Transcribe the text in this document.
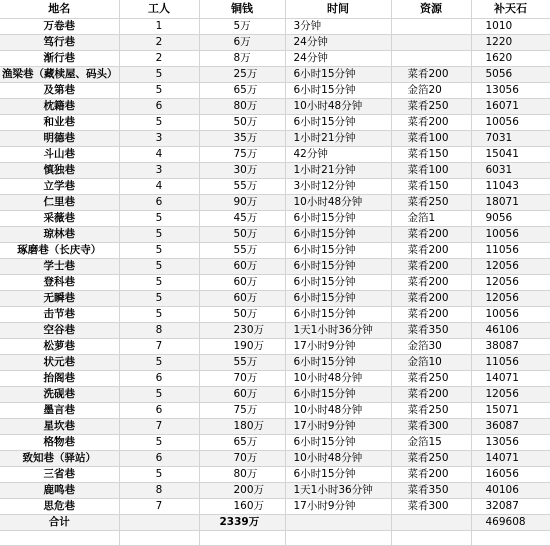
地名	工人	铜钱	时间	资源	补天石
万卷巷	1	5万	3分钟		1010
笃行巷	2	6万	24分钟		1220
渐行巷	2	8万	24分钟		1620
渔梁巷（藏椟屋、码头）	5	25万	6小时15分钟	菜肴200	5056
及第巷	5	65万	6小时15分钟	金箔20	13056
枕籍巷	6	80万	10小时48分钟	菜肴250	16071
和业巷	5	50万	6小时15分钟	菜肴200	10056
明德巷	3	35万	1小时21分钟	菜肴100	7031
斗山巷	4	75万	42分钟	菜肴150	15041
慎独巷	3	30万	1小时21分钟	菜肴100	6031
立学巷	4	55万	3小时12分钟	菜肴150	11043
仁里巷	6	90万	10小时48分钟	菜肴250	18071
采薇巷	5	45万	6小时15分钟	金箔1	9056
琼林巷	5	50万	6小时15分钟	菜肴200	10056
琢磨巷（长庆寺）	5	55万	6小时15分钟	菜肴200	11056
学士巷	5	60万	6小时15分钟	菜肴200	12056
登科巷	5	60万	6小时15分钟	菜肴200	12056
无瞬巷	5	60万	6小时15分钟	菜肴200	12056
击节巷	5	50万	6小时15分钟	菜肴200	10056
空谷巷	8	230万	1天1小时36分钟	菜肴350	46106
松萝巷	7	190万	17小时9分钟	金箔30	38087
状元巷	5	55万	6小时15分钟	金箔10	11056
抬阁巷	6	70万	10小时48分钟	菜肴250	14071
洗砚巷	5	60万	6小时15分钟	菜肴200	12056
墨言巷	6	75万	10小时48分钟	菜肴250	15071
星坎巷	7	180万	17小时9分钟	菜肴300	36087
格物巷	5	65万	6小时15分钟	金箔15	13056
致知巷（驿站）	6	70万	10小时48分钟	菜肴250	14071
三省巷	5	80万	6小时15分钟	菜肴200	16056
鹿鸣巷	8	200万	1天1小时36分钟	菜肴350	40106
思危巷	7	160万	17小时9分钟	菜肴300	32087
合计		2339万			469608
